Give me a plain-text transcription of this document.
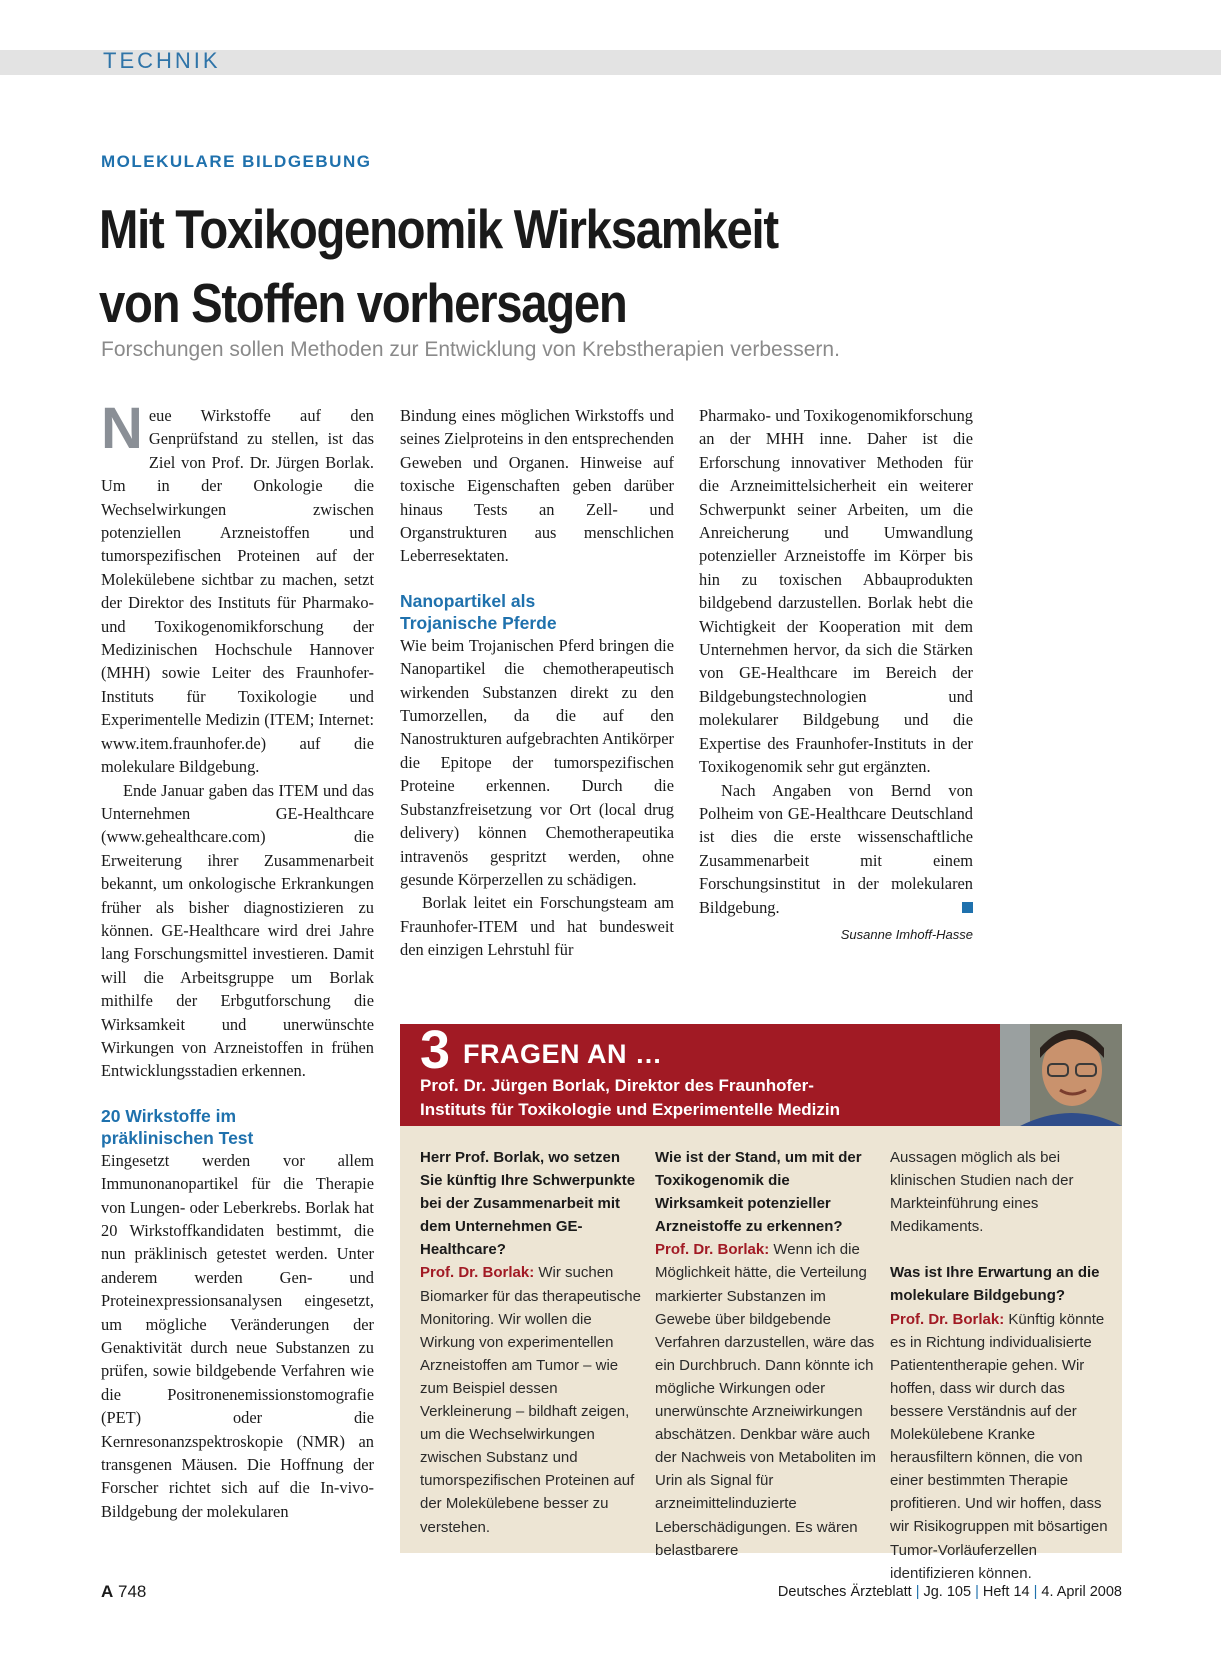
TECHNIK
MOLEKULARE BILDGEBUNG
Mit Toxikogenomik Wirksamkeit
von Stoffen vorhersagen
Forschungen sollen Methoden zur Entwicklung von Krebstherapien verbessern.

Neue Wirkstoffe auf den Genprüfstand zu stellen, ist das Ziel von Prof. Dr. Jürgen Borlak. Um in der Onkologie die Wechselwirkungen zwischen potenziellen Arzneistoffen und tumorspezifischen Proteinen auf der Molekülebene sichtbar zu machen, setzt der Direktor des Instituts für Pharmako- und Toxikogenomikforschung der Medizinischen Hochschule Hannover (MHH) sowie Leiter des Fraunhofer-Instituts für Toxikologie und Experimentelle Medizin (ITEM; Internet: www.item.fraunhofer.de) auf die molekulare Bildgebung.

Ende Januar gaben das ITEM und das Unternehmen GE-Healthcare (www.gehealthcare.com) die Erweiterung ihrer Zusammenarbeit bekannt, um onkologische Erkrankungen früher als bisher diagnostizieren zu können. GE-Healthcare wird drei Jahre lang Forschungsmittel investieren. Damit will die Arbeitsgruppe um Borlak mithilfe der Erbgutforschung die Wirksamkeit und unerwünschte Wirkungen von Arzneistoffen in frühen Entwicklungsstadien erkennen.

20 Wirkstoffe im
präklinischen Test

Eingesetzt werden vor allem Immunonanopartikel für die Therapie von Lungen- oder Leberkrebs. Borlak hat 20 Wirkstoffkandidaten bestimmt, die nun präklinisch getestet werden. Unter anderem werden Gen- und Proteinexpressionsanalysen eingesetzt, um mögliche Veränderungen der Genaktivität durch neue Substanzen zu prüfen, sowie bildgebende Verfahren wie die Positronenemissionstomografie (PET) oder die Kernresonanzspektroskopie (NMR) an transgenen Mäusen. Die Hoffnung der Forscher richtet sich auf die In-vivo-Bildgebung der molekularen

Bindung eines möglichen Wirkstoffs und seines Zielproteins in den entsprechenden Geweben und Organen. Hinweise auf toxische Eigenschaften geben darüber hinaus Tests an Zell- und Organstrukturen aus menschlichen Leberresektaten.

Nanopartikel als
Trojanische Pferde

Wie beim Trojanischen Pferd bringen die Nanopartikel die chemotherapeutisch wirkenden Substanzen direkt zu den Tumorzellen, da die auf den Nanostrukturen aufgebrachten Antikörper die Epitope der tumorspezifischen Proteine erkennen. Durch die Substanzfreisetzung vor Ort (local drug delivery) können Chemotherapeutika intravenös gespritzt werden, ohne gesunde Körperzellen zu schädigen.

Borlak leitet ein Forschungsteam am Fraunhofer-ITEM und hat bundesweit den einzigen Lehrstuhl für

Pharmako- und Toxikogenomikforschung an der MHH inne. Daher ist die Erforschung innovativer Methoden für die Arzneimittelsicherheit ein weiterer Schwerpunkt seiner Arbeiten, um die Anreicherung und Umwandlung potenzieller Arzneistoffe im Körper bis hin zu toxischen Abbauprodukten bildgebend darzustellen. Borlak hebt die Wichtigkeit der Kooperation mit dem Unternehmen hervor, da sich die Stärken von GE-Healthcare im Bereich der Bildgebungstechnologien und molekularer Bildgebung und die Expertise des Fraunhofer-Instituts in der Toxikogenomik sehr gut ergänzten.

Nach Angaben von Bernd von Polheim von GE-Healthcare Deutschland ist dies die erste wissenschaftliche Zusammenarbeit mit einem Forschungsinstitut in der molekularen Bildgebung.

Susanne Imhoff-Hasse
3 FRAGEN AN …
Prof. Dr. Jürgen Borlak, Direktor des Fraunhofer-
Instituts für Toxikologie und Experimentelle Medizin

Herr Prof. Borlak, wo setzen Sie künftig Ihre Schwerpunkte bei der Zusammenarbeit mit dem Unternehmen GE-Healthcare?

Prof. Dr. Borlak: Wir suchen Biomarker für das therapeutische Monitoring. Wir wollen die Wirkung von experimentellen Arzneistoffen am Tumor – wie zum Beispiel dessen Verkleinerung – bildhaft zeigen, um die Wechselwirkungen zwischen Substanz und tumorspezifischen Proteinen auf der Molekülebene besser zu verstehen.

Wie ist der Stand, um mit der Toxikogenomik die Wirksamkeit potenzieller Arzneistoffe zu erkennen?

Prof. Dr. Borlak: Wenn ich die Möglichkeit hätte, die Verteilung markierter Substanzen im Gewebe über bildgebende Verfahren darzustellen, wäre das ein Durchbruch. Dann könnte ich mögliche Wirkungen oder unerwünschte Arzneiwirkungen abschätzen. Denkbar wäre auch der Nachweis von Metaboliten im Urin als Signal für arzneimittelinduzierte Leberschädigungen. Es wären belastbarere

Aussagen möglich als bei klinischen Studien nach der Markteinführung eines Medikaments.

Was ist Ihre Erwartung an die molekulare Bildgebung?

Prof. Dr. Borlak: Künftig könnte es in Richtung individualisierte Patiententherapie gehen. Wir hoffen, dass wir durch das bessere Verständnis auf der Molekülebene Kranke herausfiltern können, die von einer bestimmten Therapie profitieren. Und wir hoffen, dass wir Risikogruppen mit bösartigen Tumor-Vorläuferzellen identifizieren können.

A 748	Deutsches Ärzteblatt | Jg. 105 | Heft 14 | 4. April 2008
